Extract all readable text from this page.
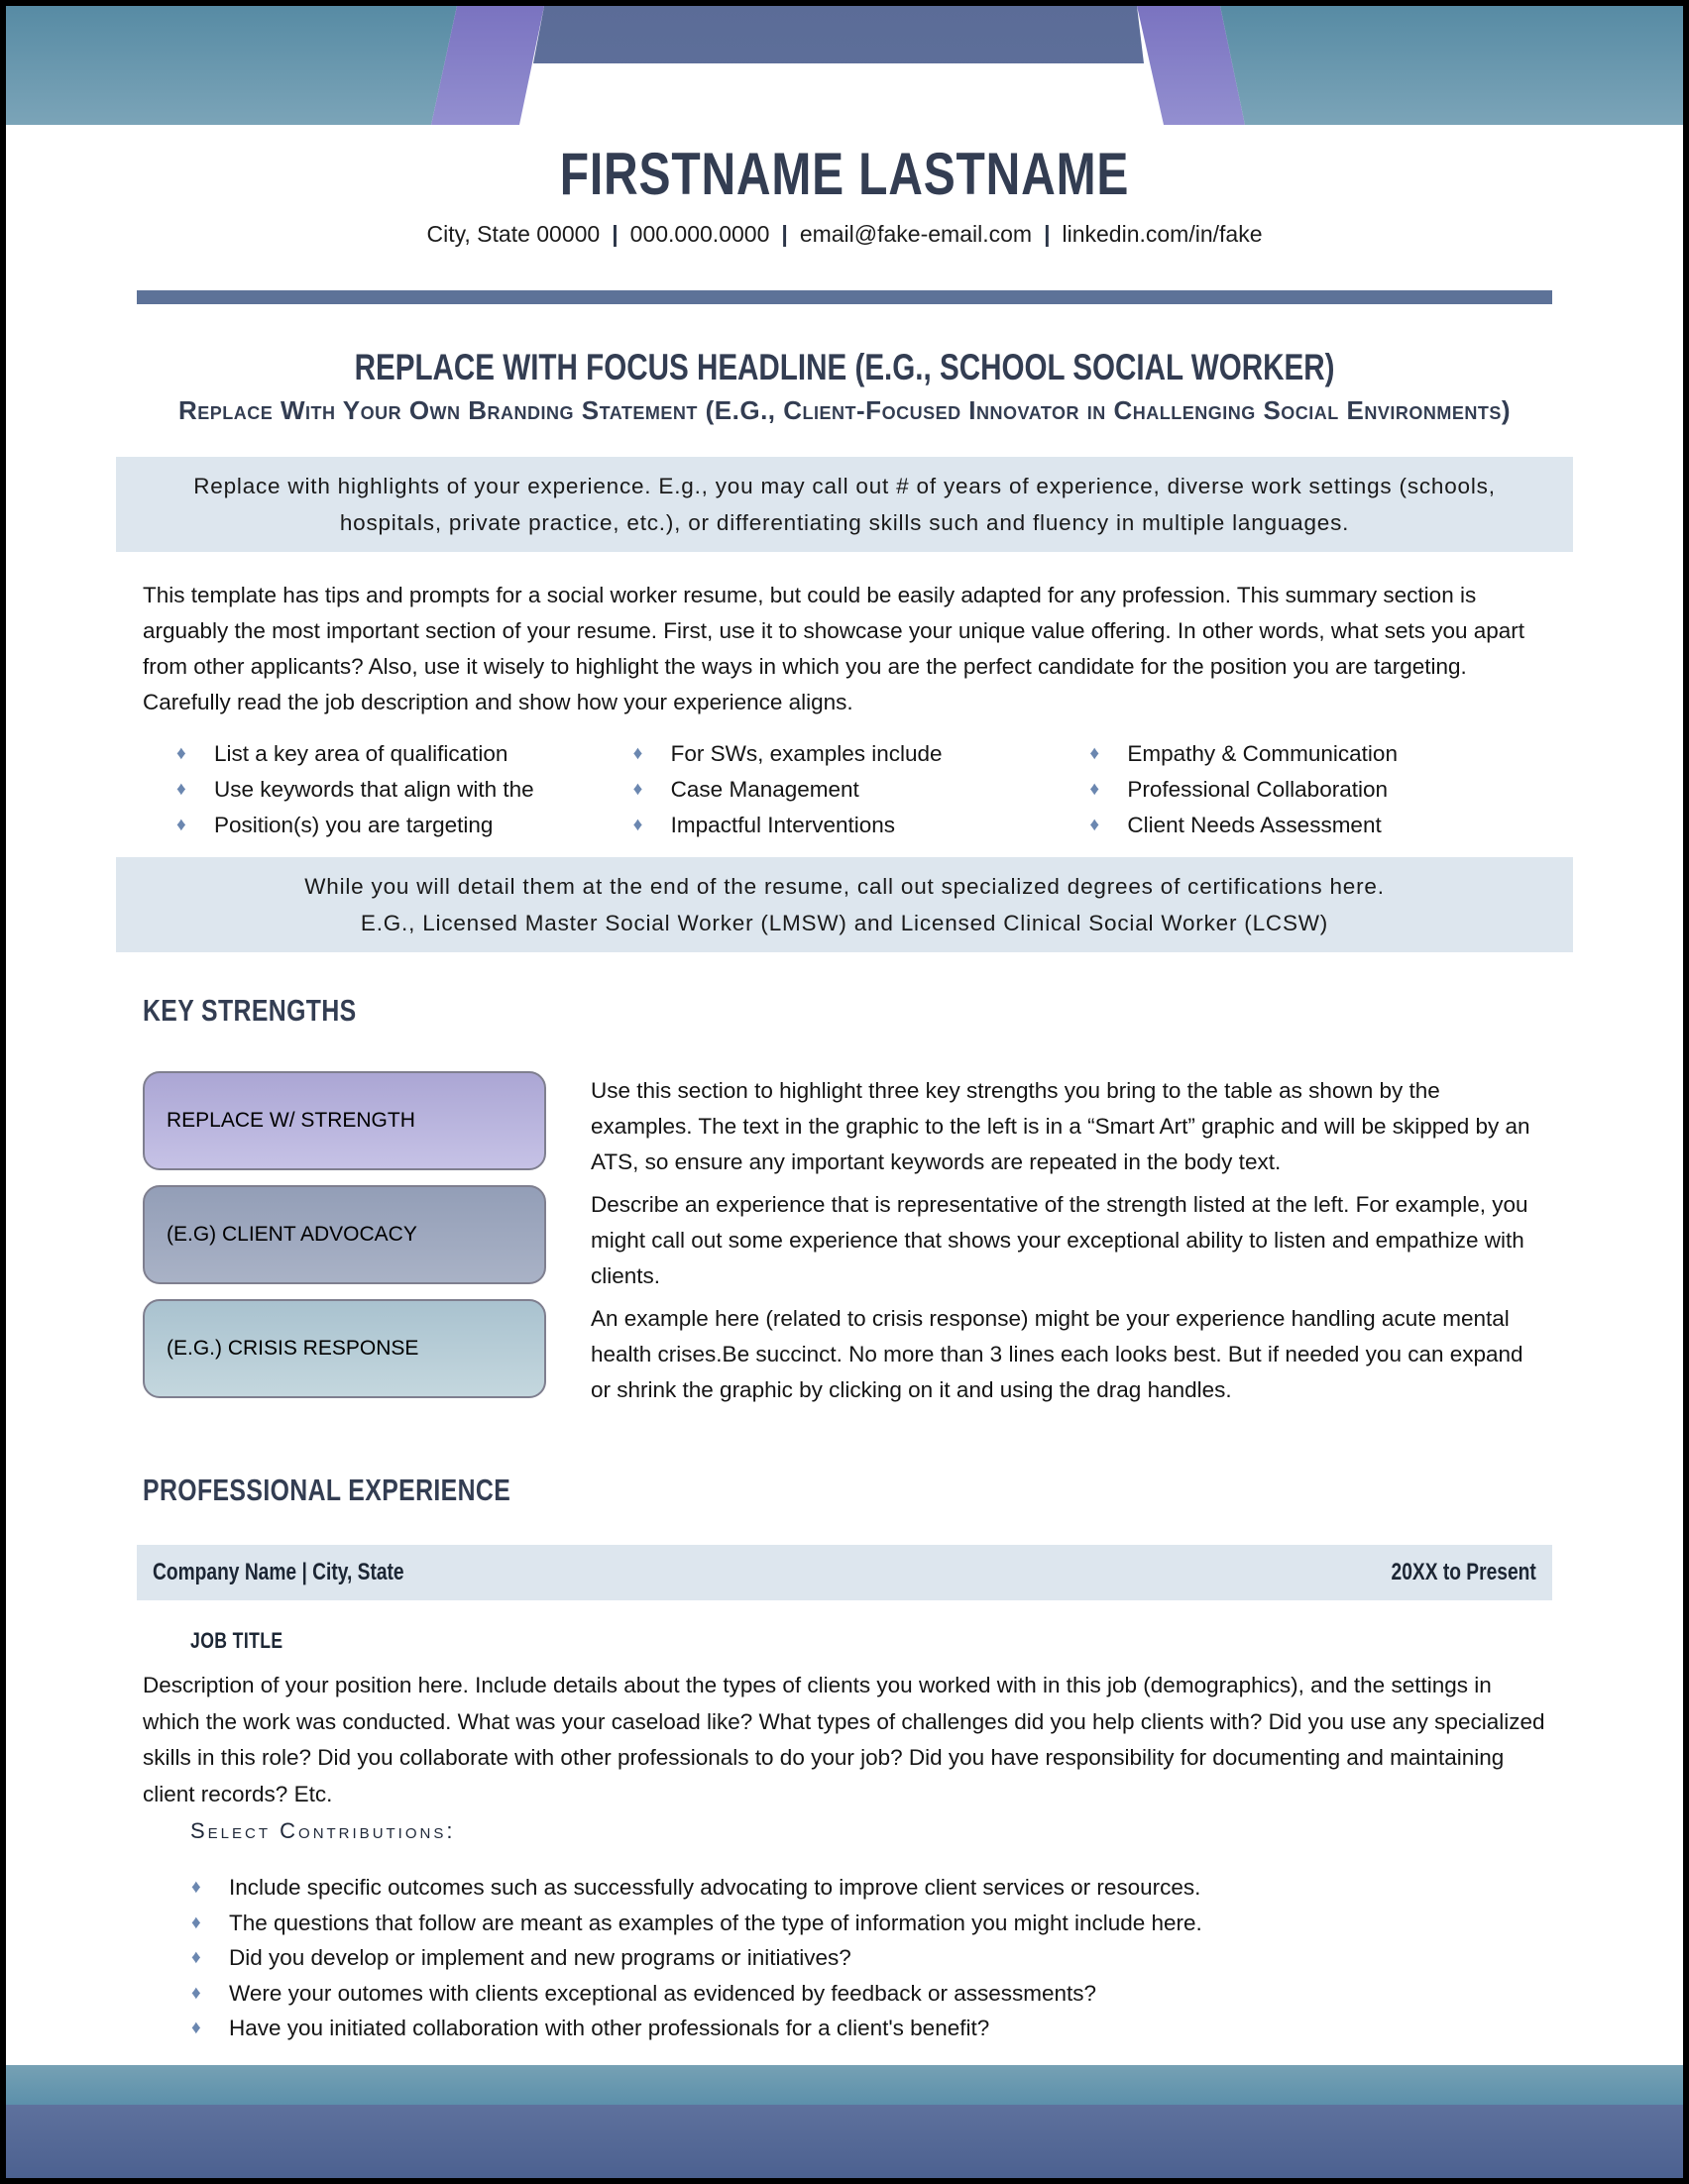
FIRSTNAME LASTNAME
City, State 00000 | 000.000.0000 | email@fake-email.com | linkedin.com/in/fake
REPLACE WITH FOCUS HEADLINE (E.G., SCHOOL SOCIAL WORKER)
Replace With Your Own Branding Statement (E.G., Client-Focused Innovator in Challenging Social Environments)
Replace with highlights of your experience. E.g., you may call out # of years of experience, diverse work settings (schools, hospitals, private practice, etc.), or differentiating skills such and fluency in multiple languages.

This template has tips and prompts for a social worker resume, but could be easily adapted for any profession. This summary section is arguably the most important section of your resume. First, use it to showcase your unique value offering. In other words, what sets you apart from other applicants? Also, use it wisely to highlight the ways in which you are the perfect candidate for the position you are targeting. Carefully read the job description and show how your experience aligns.

♦	List a key area of qualification
♦	Use keywords that align with the
♦	Position(s) you are targeting
♦	For SWs, examples include
♦	Case Management
♦	Impactful Interventions
♦	Empathy & Communication
♦	Professional Collaboration
♦	Client Needs Assessment
While you will detail them at the end of the resume, call out specialized degrees of certifications here.
E.G., Licensed Master Social Worker (LMSW) and Licensed Clinical Social Worker (LCSW)
KEY STRENGTHS
REPLACE W/ STRENGTH

Use this section to highlight three key strengths you bring to the table as shown by the examples. The text in the graphic to the left is in a “Smart Art” graphic and will be skipped by an ATS, so ensure any important keywords are repeated in the body text.

(E.G) CLIENT ADVOCACY

Describe an experience that is representative of the strength listed at the left. For example, you might call out some experience that shows your exceptional ability to listen and empathize with clients.

(E.G.) CRISIS RESPONSE

An example here (related to crisis response) might be your experience handling acute mental health crises.Be succinct. No more than 3 lines each looks best. But if needed you can expand or shrink the graphic by clicking on it and using the drag handles.

PROFESSIONAL EXPERIENCE
Company Name | City, State	20XX to Present
JOB TITLE

Description of your position here. Include details about the types of clients you worked with in this job (demographics), and the settings in which the work was conducted. What was your caseload like? What types of challenges did you help clients with? Did you use any specialized skills in this role? Did you collaborate with other professionals to do your job? Did you have responsibility for documenting and maintaining client records? Etc.

Select Contributions:
♦	Include specific outcomes such as successfully advocating to improve client services or resources.
♦	The questions that follow are meant as examples of the type of information you might include here.
♦	Did you develop or implement and new programs or initiatives?
♦	Were your outomes with clients exceptional as evidenced by feedback or assessments?
♦	Have you initiated collaboration with other professionals for a client's benefit?
